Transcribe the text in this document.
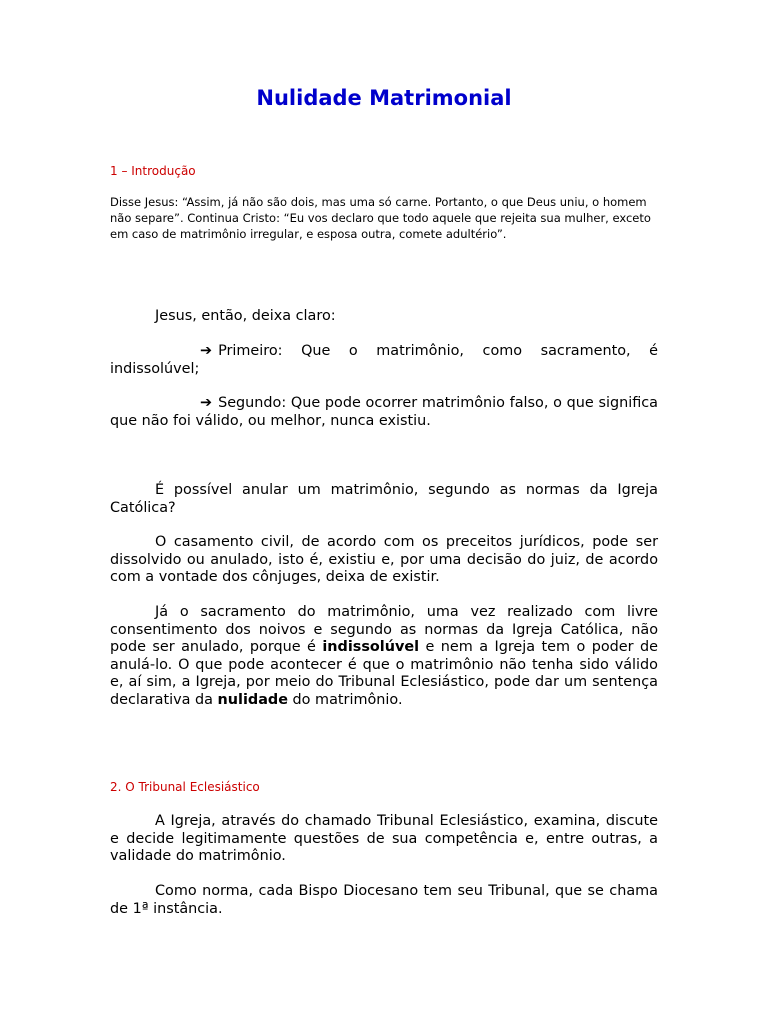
Nulidade Matrimonial
1 – Introdução

Disse Jesus: “Assim, já não são dois, mas uma só carne. Portanto, o que Deus uniu, o homem não separe”. Continua Cristo: “Eu vos declaro que todo aquele que rejeita sua mulher, exceto em caso de matrimônio irregular, e esposa outra, comete adultério”.

Jesus, então, deixa claro:

➔ Primeiro: Que o matrimônio, como sacramento, é indissolúvel;

➔ Segundo: Que pode ocorrer matrimônio falso, o que significa que não foi válido, ou melhor, nunca existiu.

É possível anular um matrimônio, segundo as normas da Igreja Católica?

O casamento civil, de acordo com os preceitos jurídicos, pode ser dissolvido ou anulado, isto é, existiu e, por uma decisão do juiz, de acordo com a vontade dos cônjuges, deixa de existir.

Já o sacramento do matrimônio, uma vez realizado com livre consentimento dos noivos e segundo as normas da Igreja Católica, não pode ser anulado, porque é indissolúvel e nem a Igreja tem o poder de anulá-lo. O que pode acontecer é que o matrimônio não tenha sido válido e, aí sim, a Igreja, por meio do Tribunal Eclesiástico, pode dar um sentença declarativa da nulidade do matrimônio.

2. O Tribunal Eclesiástico

A Igreja, através do chamado Tribunal Eclesiástico, examina, discute e decide legitimamente questões de sua competência e, entre outras, a validade do matrimônio.

Como norma, cada Bispo Diocesano tem seu Tribunal, que se chama de 1ª instância.
